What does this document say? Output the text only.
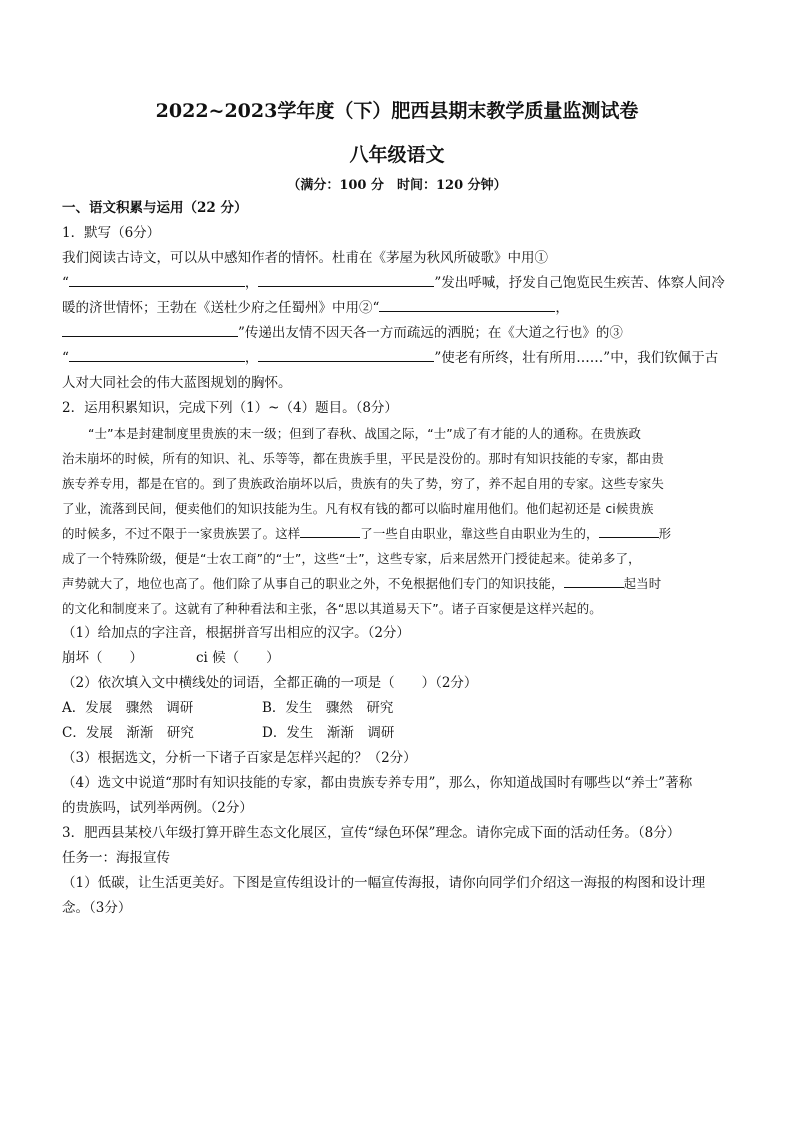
2022~2023学年度（下）肥西县期末教学质量监测试卷
八年级语文
（满分：100 分　时间：120 分钟）
一、语文积累与运用（22 分）
1．默写（6分）
我们阅读古诗文，可以从中感知作者的情怀。杜甫在《茅屋为秋风所破歌》中用①
“	，	”发出呼喊，抒发自己饱览民生疾苦、体察人间冷
暖的济世情怀；王勃在《送杜少府之任蜀州》中用②“	，
”传递出友情不因天各一方而疏远的洒脱；在《大道之行也》的③
“	，	”使老有所终，壮有所用……”中，我们钦佩于古
人对大同社会的伟大蓝图规划的胸怀。
2．运用积累知识，完成下列（1）~（4）题目。（8分）
“士”本是封建制度里贵族的末一级；但到了春秋、战国之际，“士”成了有才能的人的通称。在贵族政
治未崩坏的时候，所有的知识、礼、乐等等，都在贵族手里，平民是没份的。那时有知识技能的专家，都由贵
族专养专用，都是在官的。到了贵族政治崩坏以后，贵族有的失了势，穷了，养不起自用的专家。这些专家失
了业，流落到民间，便卖他们的知识技能为生。凡有权有钱的都可以临时雇用他们。他们起初还是 ci候贵族
的时候多，不过不限于一家贵族罢了。这样	了一些自由职业，靠这些自由职业为生的，	形
成了一个特殊阶级，便是“士农工商”的“士”，这些“士”，这些专家，后来居然开门授徒起来。徒弟多了，
声势就大了，地位也高了。他们除了从事自己的职业之外，不免根据他们专门的知识技能，	起当时
的文化和制度来了。这就有了种种看法和主张，各“思以其道易天下”。诸子百家便是这样兴起的。
（1）给加点的字注音，根据拼音写出相应的汉字。（2分）
崩坏（　　）	ci 候（　　）
（2）依次填入文中横线处的词语，全都正确的一项是（　　）（2分）
A．发展　骤然　调研	B．发生　骤然　研究
C．发展　渐渐　研究	D．发生　渐渐　调研
（3）根据选文，分析一下诸子百家是怎样兴起的？（2分）
（4）选文中说道“那时有知识技能的专家，都由贵族专养专用”，那么，你知道战国时有哪些以“养士”著称
的贵族吗，试列举两例。（2分）
3．肥西县某校八年级打算开辟生态文化展区，宣传“绿色环保”理念。请你完成下面的活动任务。（8分）
任务一：海报宣传
（1）低碳，让生活更美好。下图是宣传组设计的一幅宣传海报，请你向同学们介绍这一海报的构图和设计理
念。（3分）
